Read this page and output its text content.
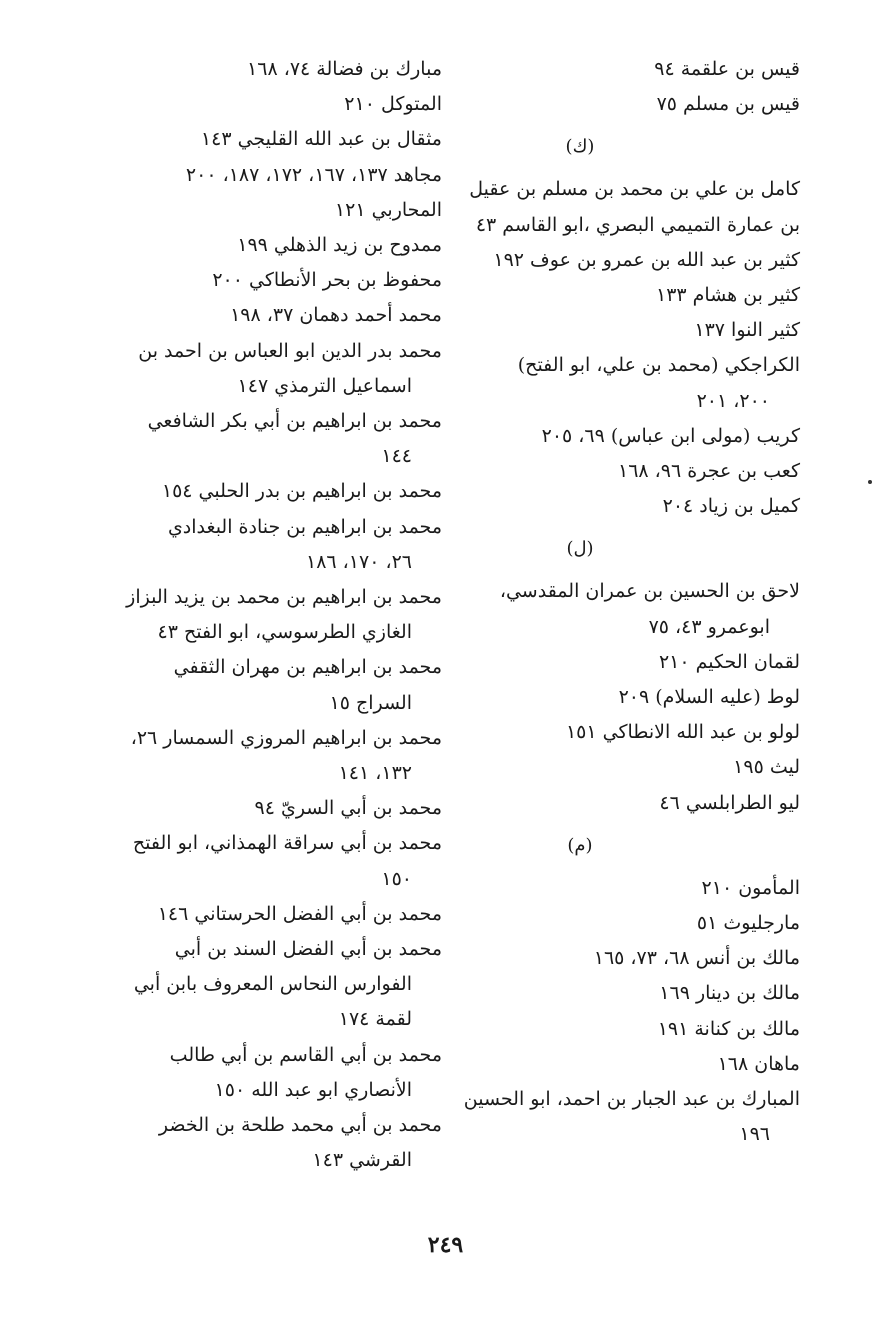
قيس بن علقمة ٩٤
قيس بن مسلم ٧٥
(ك)
كامل بن علي بن محمد بن مسلم بن عقيل
بن عمارة التميمي البصري ،ابو القاسم ٤٣
كثير بن عبد الله بن عمرو بن عوف ١٩٢
كثير بن هشام ١٣٣
كثير النوا ١٣٧
الكراجكي (محمد بن علي، ابو الفتح)
٢٠٠، ٢٠١
كريب (مولى ابن عباس) ٦٩، ٢٠٥
كعب بن عجرة ٩٦، ١٦٨
كميل بن زياد ٢٠٤
(ل)
لاحق بن الحسين بن عمران المقدسي،
ابوعمرو ٤٣، ٧٥
لقمان الحكيم ٢١٠
لوط (عليه السلام) ٢٠٩
لولو بن عبد الله الانطاكي ١٥١
ليث ١٩٥
ليو الطرابلسي ٤٦
(م)
المأمون ٢١٠
مارجليوث ٥١
مالك بن أنس ٦٨، ٧٣، ١٦٥
مالك بن دينار ١٦٩
مالك بن كنانة ١٩١
ماهان ١٦٨
المبارك بن عبد الجبار بن احمد، ابو الحسين
١٩٦
مبارك بن فضالة ٧٤، ١٦٨
المتوكل ٢١٠
مثقال بن عبد الله القليجي ١٤٣
مجاهد ١٣٧، ١٦٧، ١٧٢، ١٨٧، ٢٠٠
المحاربي ١٢١
ممدوح بن زيد الذهلي ١٩٩
محفوظ بن بحر الأنطاكي ٢٠٠
محمد أحمد دهمان ٣٧، ١٩٨
محمد بدر الدين ابو العباس بن احمد بن
اسماعيل الترمذي ١٤٧
محمد بن ابراهيم بن أبي بكر الشافعي
١٤٤
محمد بن ابراهيم بن بدر الحلبي ١٥٤
محمد بن ابراهيم بن جنادة البغدادي
٢٦، ١٧٠، ١٨٦
محمد بن ابراهيم بن محمد بن يزيد البزاز
الغازي الطرسوسي، ابو الفتح ٤٣
محمد بن ابراهيم بن مهران الثقفي
السراج ١٥
محمد بن ابراهيم المروزي السمسار ٢٦،
١٣٢، ١٤١
محمد بن أبي السريّ ٩٤
محمد بن أبي سراقة الهمذاني، ابو الفتح
١٥٠
محمد بن أبي الفضل الحرستاني ١٤٦
محمد بن أبي الفضل السند بن أبي
الفوارس النحاس المعروف بابن أبي
لقمة ١٧٤
محمد بن أبي القاسم بن أبي طالب
الأنصاري ابو عبد الله ١٥٠
محمد بن أبي محمد طلحة بن الخضر
القرشي ١٤٣
٢٤٩
